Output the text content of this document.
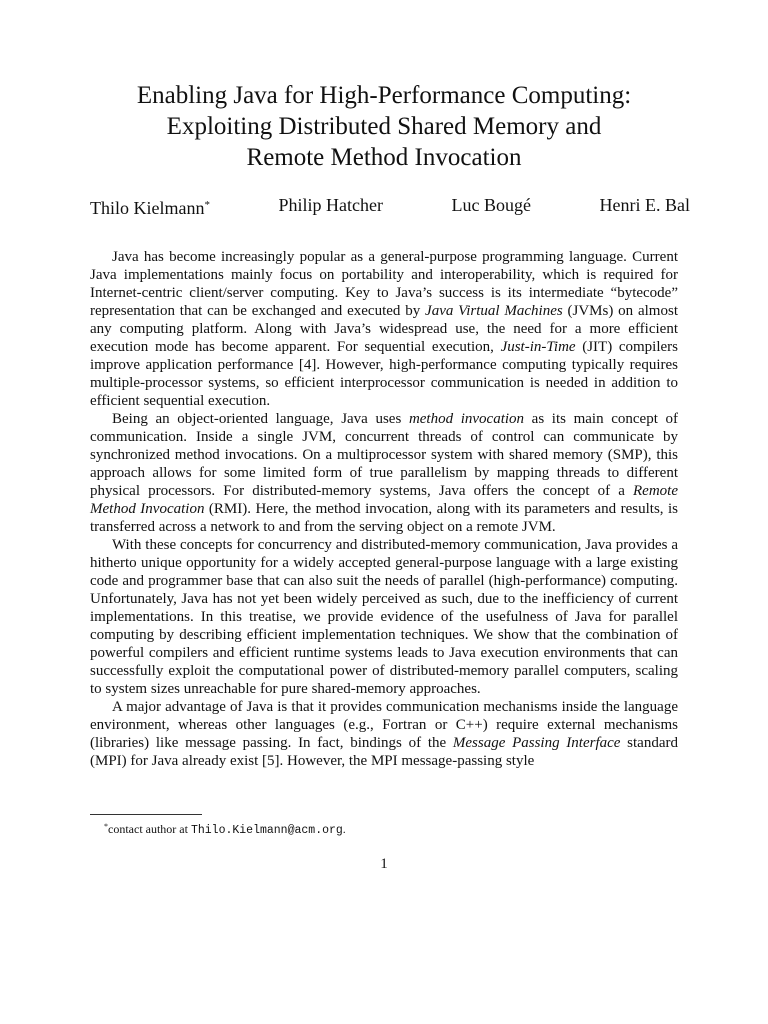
Enabling Java for High-Performance Computing:
Exploiting Distributed Shared Memory and
Remote Method Invocation
Thilo Kielmann*	Philip Hatcher	Luc Bougé	Henri E. Bal

Java has become increasingly popular as a general-purpose programming language. Current Java implementations mainly focus on portability and interoperability, which is required for Internet-centric client/server computing. Key to Java’s success is its intermediate “bytecode” representation that can be exchanged and executed by Java Virtual Machines (JVMs) on almost any computing platform. Along with Java’s widespread use, the need for a more efficient execution mode has become apparent. For sequential execution, Just-in-Time (JIT) compilers improve application performance [4]. However, high-performance computing typically requires multiple-processor systems, so efficient interprocessor communication is needed in addition to efficient sequential execution.

Being an object-oriented language, Java uses method invocation as its main concept of communication. Inside a single JVM, concurrent threads of control can communicate by synchronized method invocations. On a multiprocessor system with shared memory (SMP), this approach allows for some limited form of true parallelism by mapping threads to different physical processors. For distributed-memory systems, Java offers the concept of a Remote Method Invocation (RMI). Here, the method invocation, along with its parameters and results, is transferred across a network to and from the serving object on a remote JVM.

With these concepts for concurrency and distributed-memory communication, Java provides a hitherto unique opportunity for a widely accepted general-purpose language with a large existing code and programmer base that can also suit the needs of parallel (high-performance) computing. Unfortunately, Java has not yet been widely perceived as such, due to the inefficiency of current implementations. In this treatise, we provide evidence of the usefulness of Java for parallel computing by describing efficient implementation techniques. We show that the combination of powerful compilers and efficient runtime systems leads to Java execution environments that can successfully exploit the computational power of distributed-memory parallel computers, scaling to system sizes unreachable for pure shared-memory approaches.

A major advantage of Java is that it provides communication mechanisms inside the language environment, whereas other languages (e.g., Fortran or C++) require external mechanisms (libraries) like message passing. In fact, bindings of the Message Passing Interface standard (MPI) for Java already exist [5]. However, the MPI message-passing style

*contact author at Thilo.Kielmann@acm.org.
1
